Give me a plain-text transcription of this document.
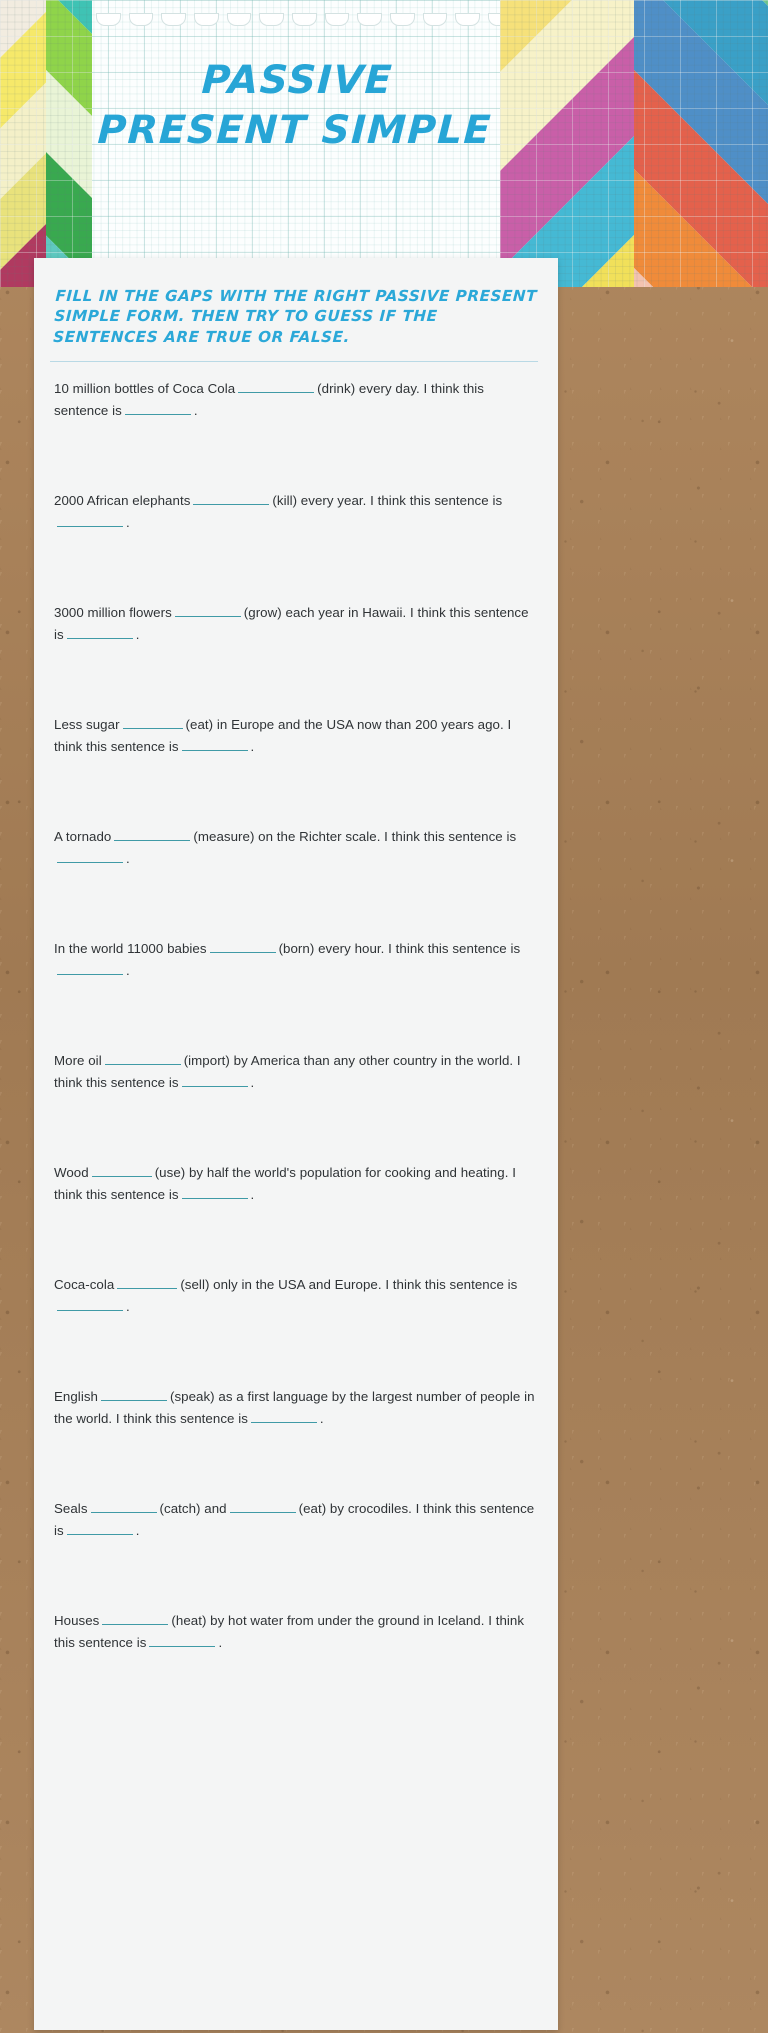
PASSIVE PRESENT SIMPLE
FILL IN THE GAPS WITH THE RIGHT PASSIVE PRESENT SIMPLE FORM. THEN TRY TO GUESS IF THE SENTENCES ARE TRUE OR FALSE.
10 million bottles of Coca Cola	(drink) every day. I think this sentence is	.
2000 African elephants	(kill) every year. I think this sentence is.
3000 million flowers	(grow) each year in Hawaii. I think this sentence is	.
Less sugar	(eat) in Europe and the USA now than 200 years ago. I think this sentence is	.
A tornado	(measure) on the Richter scale. I think this sentence is.
In the world 11000 babies	(born) every hour. I think this sentence is.
More oil	(import) by America than any other country in the world. I think this sentence is	.
Wood	(use) by half the world's population for cooking and heating. I think this sentence is	.
Coca-cola	(sell) only in the USA and Europe. I think this sentence is.
English	(speak) as a first language by the largest number of people in the world. I think this sentence is	.
Seals	(catch) and	(eat) by crocodiles. I think this sentence is	.
Houses	(heat) by hot water from under the ground in Iceland. I think this sentence is	.
